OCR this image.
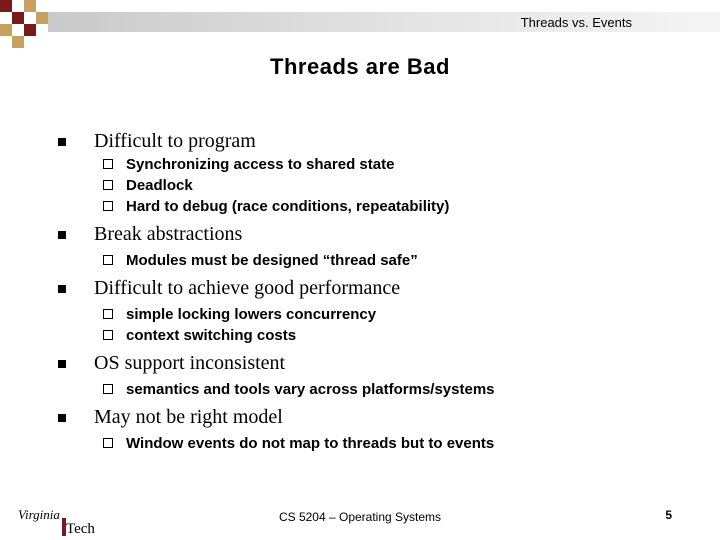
Threads vs. Events
Threads are Bad
Difficult to program
Synchronizing access to shared state
Deadlock
Hard to debug (race conditions, repeatability)
Break abstractions
Modules must be designed “thread safe”
Difficult to achieve good performance
simple locking lowers concurrency
context switching costs
OS support inconsistent
semantics and tools vary across platforms/systems
May not be right model
Window events do not map to threads but to events
Virginia
Tech
CS 5204 – Operating Systems	5
